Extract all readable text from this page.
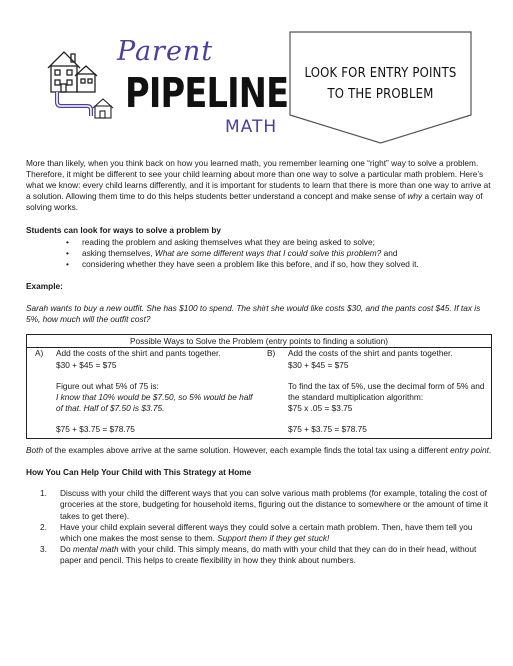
Parent
PIPELINE
MATH
LOOK FOR ENTRY POINTS
TO THE PROBLEM

More than likely, when you think back on how you learned math, you remember learning one “right” way to solve a problem. Therefore, it might be different to see your child learning about more than one way to solve a particular math problem. Here’s what we know: every child learns differently, and it is important for students to learn that there is more than one way to arrive at a solution. Allowing them time to do this helps students better understand a concept and make sense of why a certain way of solving works.

Students can look for ways to solve a problem by

• reading the problem and asking themselves what they are being asked to solve;
• asking themselves, What are some different ways that I could solve this problem? and
• considering whether they have seen a problem like this before, and if so, how they solved it.

Example:

Sarah wants to buy a new outfit. She has $100 to spend. The shirt she would like costs $30, and the pants cost $45. If tax is 5%, how much will the outfit cost?

Possible Ways to Solve the Problem (entry points to finding a solution)

A)	Add the costs of the shirt and pants together.
$30 + $45 = $75
Figure out what 5% of 75 is:
I know that 10% would be $7.50, so 5% would be half of that. Half of $7.50 is $3.75.
$75 + $3.75 = $78.75

B)	Add the costs of the shirt and pants together.
$30 + $45 = $75
To find the tax of 5%, use the decimal form of 5% and the standard multiplication algorithm:
$75 x .05 = $3.75
$75 + $3.75 = $78.75

Both of the examples above arrive at the same solution. However, each example finds the total tax using a different entry point.

How You Can Help Your Child with This Strategy at Home

1.	Discuss with your child the different ways that you can solve various math problems (for example, totaling the cost of groceries at the store, budgeting for household items, figuring out the distance to somewhere or the amount of time it takes to get there).
2.	Have your child explain several different ways they could solve a certain math problem. Then, have them tell you which one makes the most sense to them. Support them if they get stuck!
3.	Do mental math with your child. This simply means, do math with your child that they can do in their head, without paper and pencil. This helps to create flexibility in how they think about numbers.
